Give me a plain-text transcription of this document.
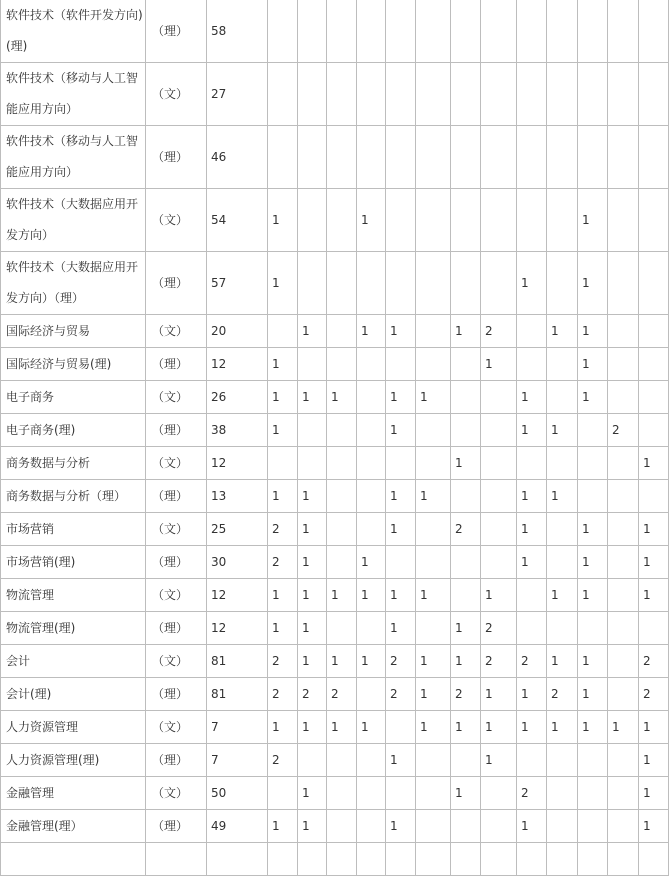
软件技术（软件开发方向)(理)	（理）	58													
软件技术（移动与人工智能应用方向）	（文）	27													
软件技术（移动与人工智能应用方向）	（理）	46													
软件技术（大数据应用开发方向）	（文）	54	1			1							1		
软件技术（大数据应用开发方向）（理）	（理）	57	1								1		1		
国际经济与贸易	（文）	20		1		1	1		1	2		1	1		
国际经济与贸易(理)	（理）	12	1							1			1		
电子商务	（文）	26	1	1	1		1	1			1		1		
电子商务(理)	（理）	38	1				1				1	1		2	
商务数据与分析	（文）	12							1						1
商务数据与分析（理）	（理）	13	1	1			1	1			1	1			
市场营销	（文）	25	2	1			1		2		1		1		1
市场营销(理)	（理）	30	2	1		1					1		1		1
物流管理	（文）	12	1	1	1	1	1	1		1		1	1		1
物流管理(理)	（理）	12	1	1			1		1	2					
会计	（文）	81	2	1	1	1	2	1	1	2	2	1	1		2
会计(理)	（理）	81	2	2	2		2	1	2	1	1	2	1		2
人力资源管理	（文）	7	1	1	1	1		1	1	1	1	1	1	1	1
人力资源管理(理)	（理）	7	2				1			1					1
金融管理	（文）	50		1					1		2				1
金融管理(理）	（理）	49	1	1			1				1				1
